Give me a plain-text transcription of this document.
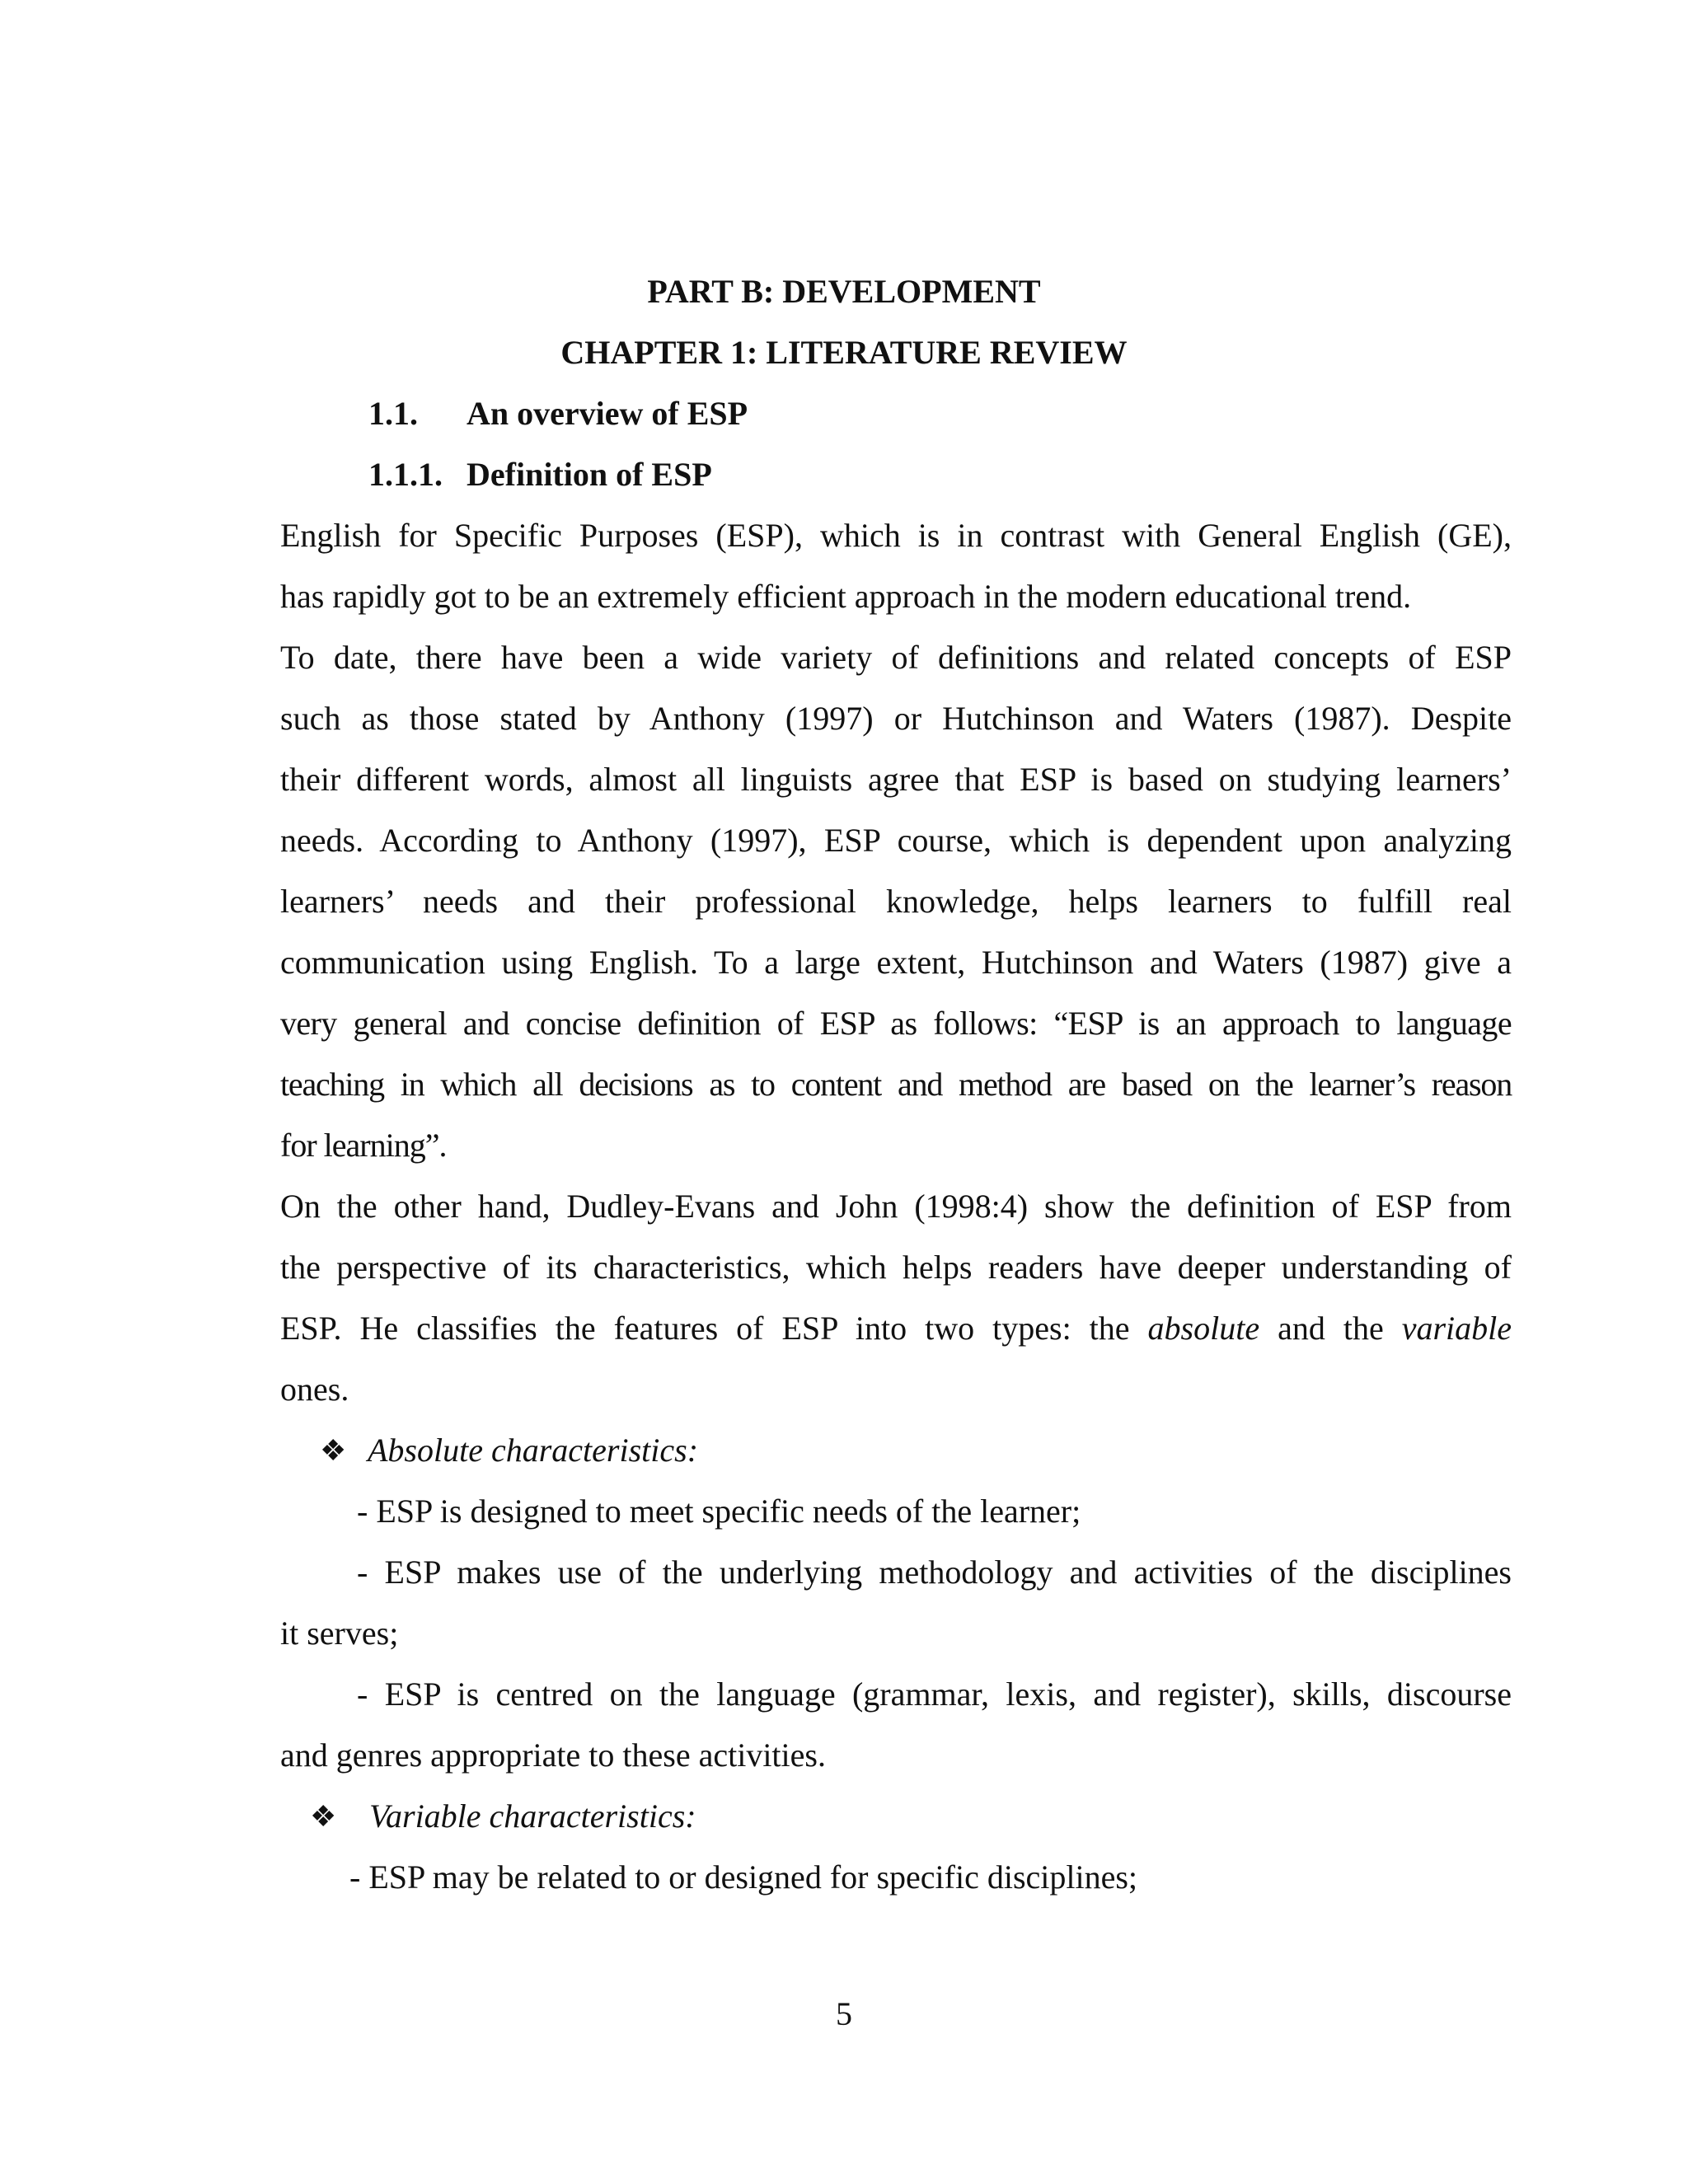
PART B: DEVELOPMENT
CHAPTER 1: LITERATURE REVIEW
1.1. An overview of ESP
1.1.1. Definition of ESP
English for Specific Purposes (ESP), which is in contrast with General English (GE),
has rapidly got to be an extremely efficient approach in the modern educational trend.
To date, there have been a wide variety of definitions and related concepts of ESP
such as those stated by Anthony (1997) or Hutchinson and Waters (1987). Despite
their different words, almost all linguists agree that ESP is based on studying learners’
needs. According to Anthony (1997), ESP course, which is dependent upon analyzing
learners’ needs and their professional knowledge, helps learners to fulfill real
communication using English. To a large extent, Hutchinson and Waters (1987) give a
very general and concise definition of ESP as follows: “ESP is an approach to language
teaching in which all decisions as to content and method are based on the learner’s reason
for learning”.
On the other hand, Dudley-Evans and John (1998:4) show the definition of ESP from
the perspective of its characteristics, which helps readers have deeper understanding of
ESP. He classifies the features of ESP into two types: the absolute and the variable
ones.
❖ Absolute characteristics:
- ESP is designed to meet specific needs of the learner;
- ESP makes use of the underlying methodology and activities of the disciplines
it serves;
- ESP is centred on the language (grammar, lexis, and register), skills, discourse
and genres appropriate to these activities.
❖ Variable characteristics:
- ESP may be related to or designed for specific disciplines;
5
